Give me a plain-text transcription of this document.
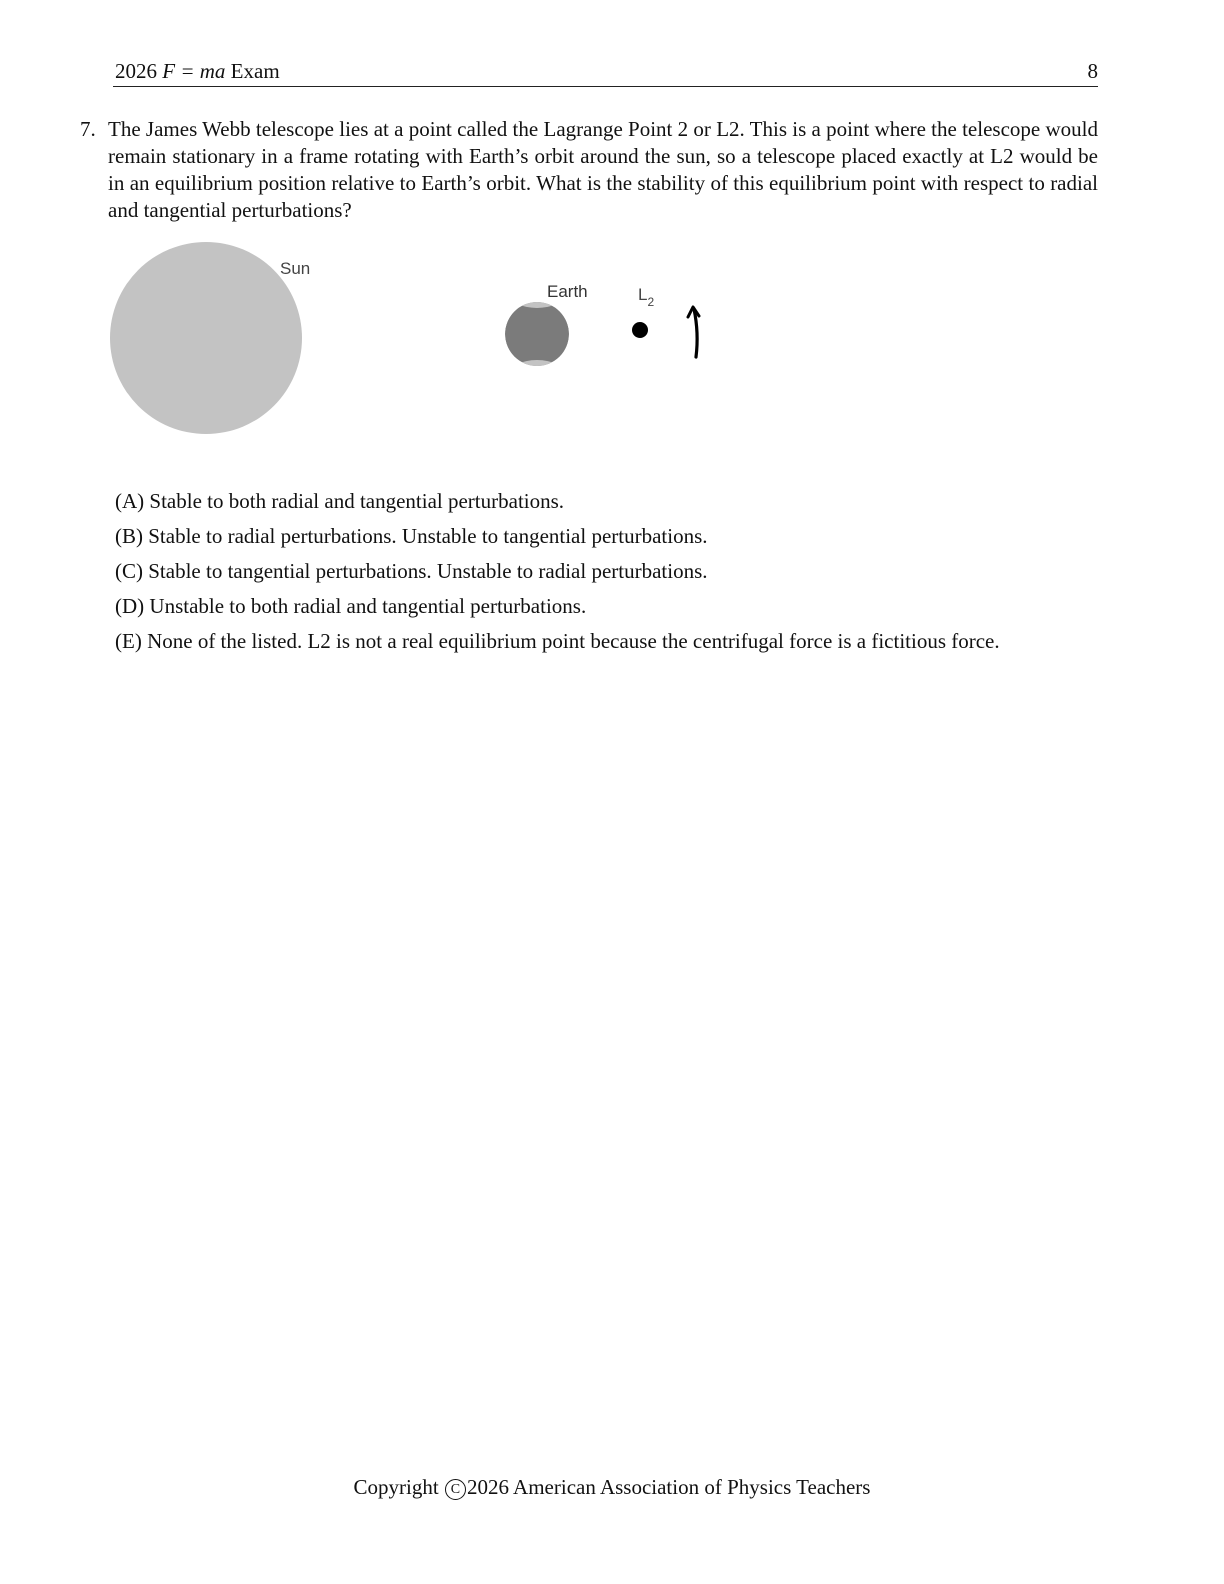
2026 F = ma Exam	8
7. The James Webb telescope lies at a point called the Lagrange Point 2 or L2. This is a point where the telescope would remain stationary in a frame rotating with Earth’s orbit around the sun, so a telescope placed exactly at L2 would be in an equilibrium position relative to Earth’s orbit. What is the stability of this equilibrium point with respect to radial and tangential perturbations?
Sun
Earth	$L_2$
(A) Stable to both radial and tangential perturbations.
(B) Stable to radial perturbations. Unstable to tangential perturbations.
(C) Stable to tangential perturbations. Unstable to radial perturbations.
(D) Unstable to both radial and tangential perturbations.
(E) None of the listed. L2 is not a real equilibrium point because the centrifugal force is a fictitious force.
Copyright C 2026 American Association of Physics Teachers
